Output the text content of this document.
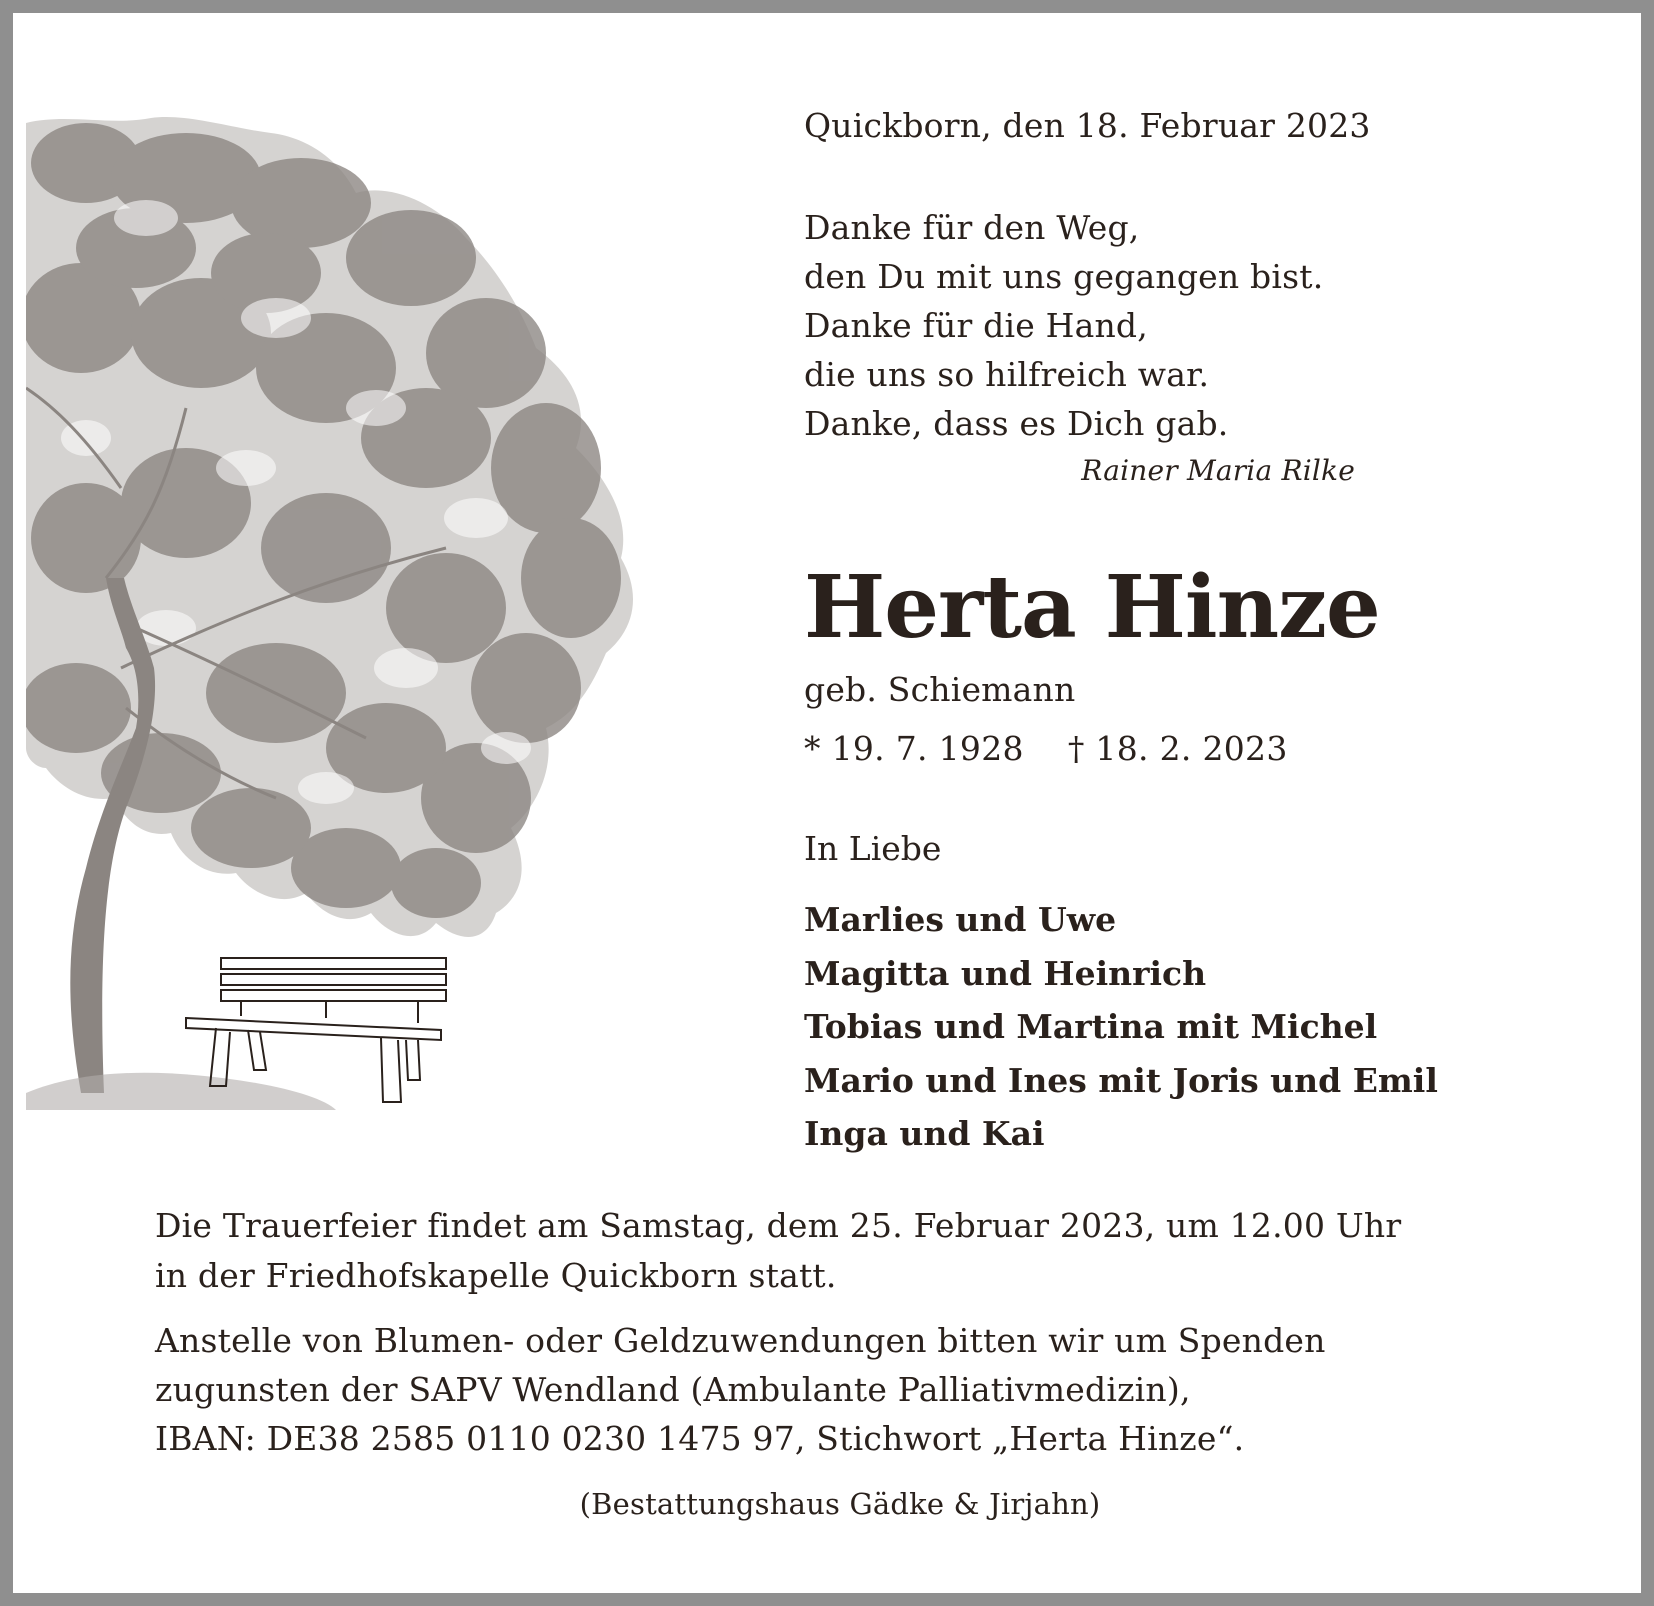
Quickborn, den 18. Februar 2023
Danke für den Weg,
den Du mit uns gegangen bist.
Danke für die Hand,
die uns so hilfreich war.
Danke, dass es Dich gab.
Rainer Maria Rilke
Herta Hinze
geb. Schiemann
* 19. 7. 1928 † 18. 2. 2023
In Liebe
Marlies und Uwe
Magitta und Heinrich
Tobias und Martina mit Michel
Mario und Ines mit Joris und Emil
Inga und Kai
Die Trauerfeier findet am Samstag, dem 25. Februar 2023, um 12.00 Uhr
in der Friedhofskapelle Quickborn statt.
Anstelle von Blumen- oder Geldzuwendungen bitten wir um Spenden
zugunsten der SAPV Wendland (Ambulante Palliativmedizin),
IBAN: DE38 2585 0110 0230 1475 97, Stichwort „Herta Hinze“.
(Bestattungshaus Gädke & Jirjahn)
